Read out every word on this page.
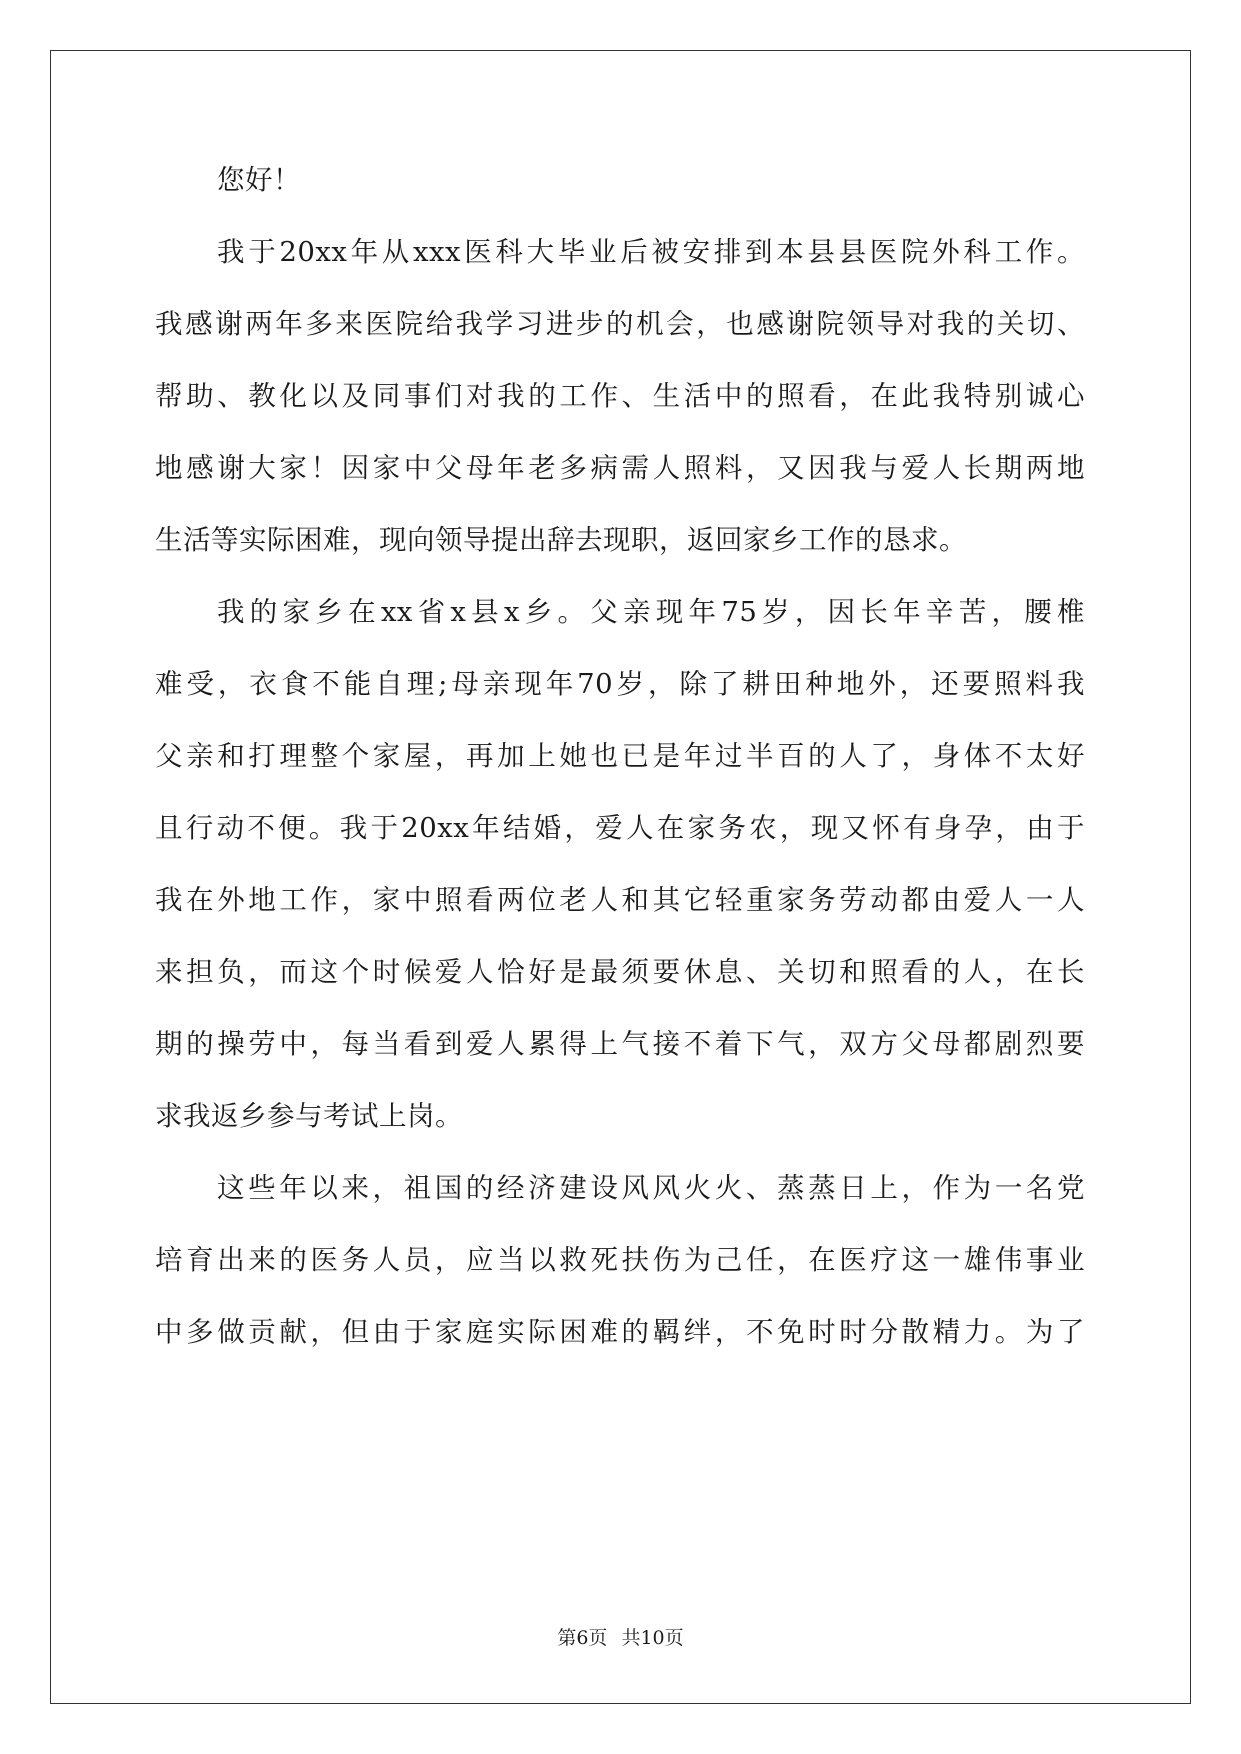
您好！
我于20xx年从xxx医科大毕业后被安排到本县县医院外科工作。
我感谢两年多来医院给我学习进步的机会，也感谢院领导对我的关切、
帮助、教化以及同事们对我的工作、生活中的照看，在此我特别诚心
地感谢大家！因家中父母年老多病需人照料，又因我与爱人长期两地
生活等实际困难，现向领导提出辞去现职，返回家乡工作的恳求。
我的家乡在xx省x县x乡。父亲现年75岁，因长年辛苦，腰椎
难受，衣食不能自理;母亲现年70岁，除了耕田种地外，还要照料我
父亲和打理整个家屋，再加上她也已是年过半百的人了，身体不太好
且行动不便。我于20xx年结婚，爱人在家务农，现又怀有身孕，由于
我在外地工作，家中照看两位老人和其它轻重家务劳动都由爱人一人
来担负，而这个时候爱人恰好是最须要休息、关切和照看的人，在长
期的操劳中，每当看到爱人累得上气接不着下气，双方父母都剧烈要
求我返乡参与考试上岗。
这些年以来，祖国的经济建设风风火火、蒸蒸日上，作为一名党
培育出来的医务人员，应当以救死扶伤为己任，在医疗这一雄伟事业
中多做贡献，但由于家庭实际困难的羁绊，不免时时分散精力。为了
第6页 共10页
